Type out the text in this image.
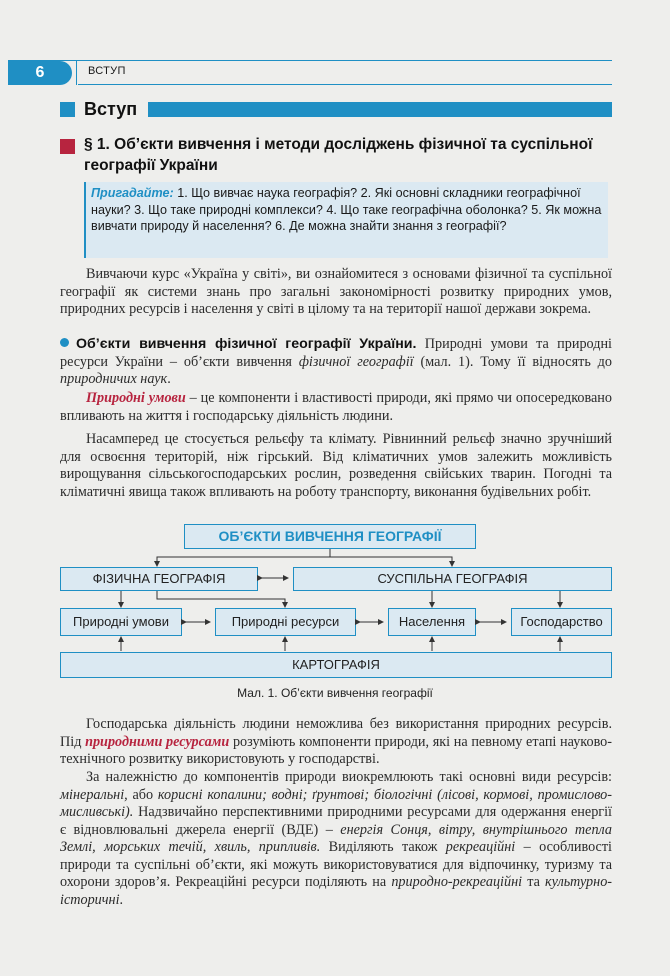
6	ВСТУП
Вступ
§ 1. Об’єкти вивчення і методи досліджень фізичної та суспільної географії України
Пригадайте: 1. Що вивчає наука географія? 2. Які основні складники географічної науки? 3. Що таке природні комплекси? 4. Що таке географічна оболонка? 5. Як можна вивчати природу й населення? 6. Де можна знайти знання з географії?
Вивчаючи курс «Україна у світі», ви ознайомитеся з основами фізичної та суспільної географії як системи знань про загальні закономірності розвитку природних умов, природних ресурсів і населення у світі в цілому та на території нашої держави зокрема.
Об’єкти вивчення фізичної географії України. Природні умови та природні ресурси України – об’єкти вивчення фізичної географії (мал. 1). Тому її відносять до природничих наук.
Природні умови – це компоненти і властивості природи, які прямо чи опосередковано впливають на життя і господарську діяльність людини.
Насамперед це стосується рельєфу та клімату. Рівнинний рельєф значно зручніший для освоєння територій, ніж гірський. Від кліматичних умов залежить можливість вирощування сільськогосподарських рослин, розведення свійських тварин. Погодні та кліматичні явища також впливають на роботу транспорту, виконання будівельних робіт.
ОБ’ЄКТИ ВИВЧЕННЯ ГЕОГРАФІЇ
ФІЗИЧНА ГЕОГРАФІЯ	СУСПІЛЬНА ГЕОГРАФІЯ
Природні умови	Природні ресурси	Населення	Господарство
КАРТОГРАФІЯ
Мал. 1. Об’єкти вивчення географії
Господарська діяльність людини неможлива без використання природних ресурсів. Під природними ресурсами розуміють компоненти природи, які на певному етапі науково-технічного розвитку використовують у господарстві.
За належністю до компонентів природи виокремлюють такі основні види ресурсів: мінеральні, або корисні копалини; водні; ґрунтові; біологічні (лісові, кормові, промислово-мисливські). Надзвичайно перспективними природними ресурсами для одержання енергії є відновлювальні джерела енергії (ВДЕ) – енергія Сонця, вітру, внутрішнього тепла Землі, морських течій, хвиль, припливів. Виділяють також рекреаційні – особливості природи та суспільні об’єкти, які можуть використовуватися для відпочинку, туризму та охорони здоров’я. Рекреаційні ресурси поділяють на природно-рекреаційні та культурно-історичні.
